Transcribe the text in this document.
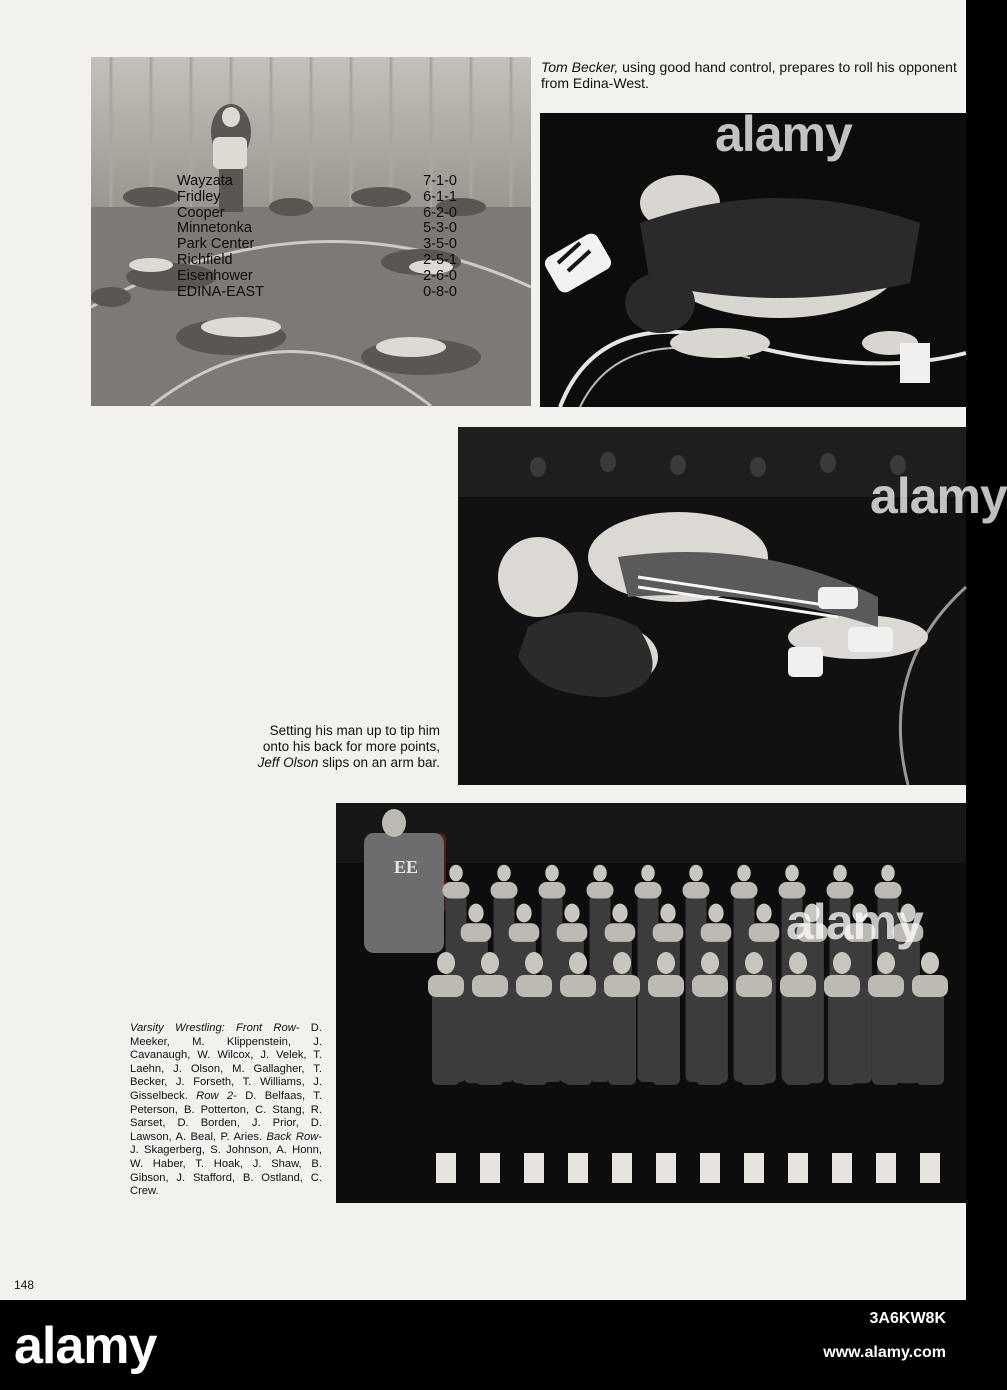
Wayzata	7-1-0
Fridley	6-1-1
Cooper	6-2-0
Minnetonka	5-3-0
Park Center	3-5-0
Richfield	2-5-1
Eisenhower	2-6-0
EDINA-EAST	0-8-0
Tom Becker, using good hand control, prepares to roll his opponent from Edina-West.
alamy
alamy
Setting his man up to tip him onto his back for more points, Jeff Olson slips on an arm bar.
EE
alamy
Varsity Wrestling: Front Row- D. Meeker, M. Klippenstein, J. Cavanaugh, W. Wilcox, J. Velek, T. Laehn, J. Olson, M. Gallagher, T. Becker, J. Forseth, T. Williams, J. Gisselbeck. Row 2- D. Belfaas, T. Peterson, B. Potterton, C. Stang, R. Sarset, D. Borden, J. Prior, D. Lawson, A. Beal, P. Aries. Back Row- J. Skagerberg, S. Johnson, A. Honn, W. Haber, T. Hoak, J. Shaw, B. Gibson, J. Stafford, B. Ostland, C. Crew.
148
alamy	3A6KW8K
www.alamy.com
